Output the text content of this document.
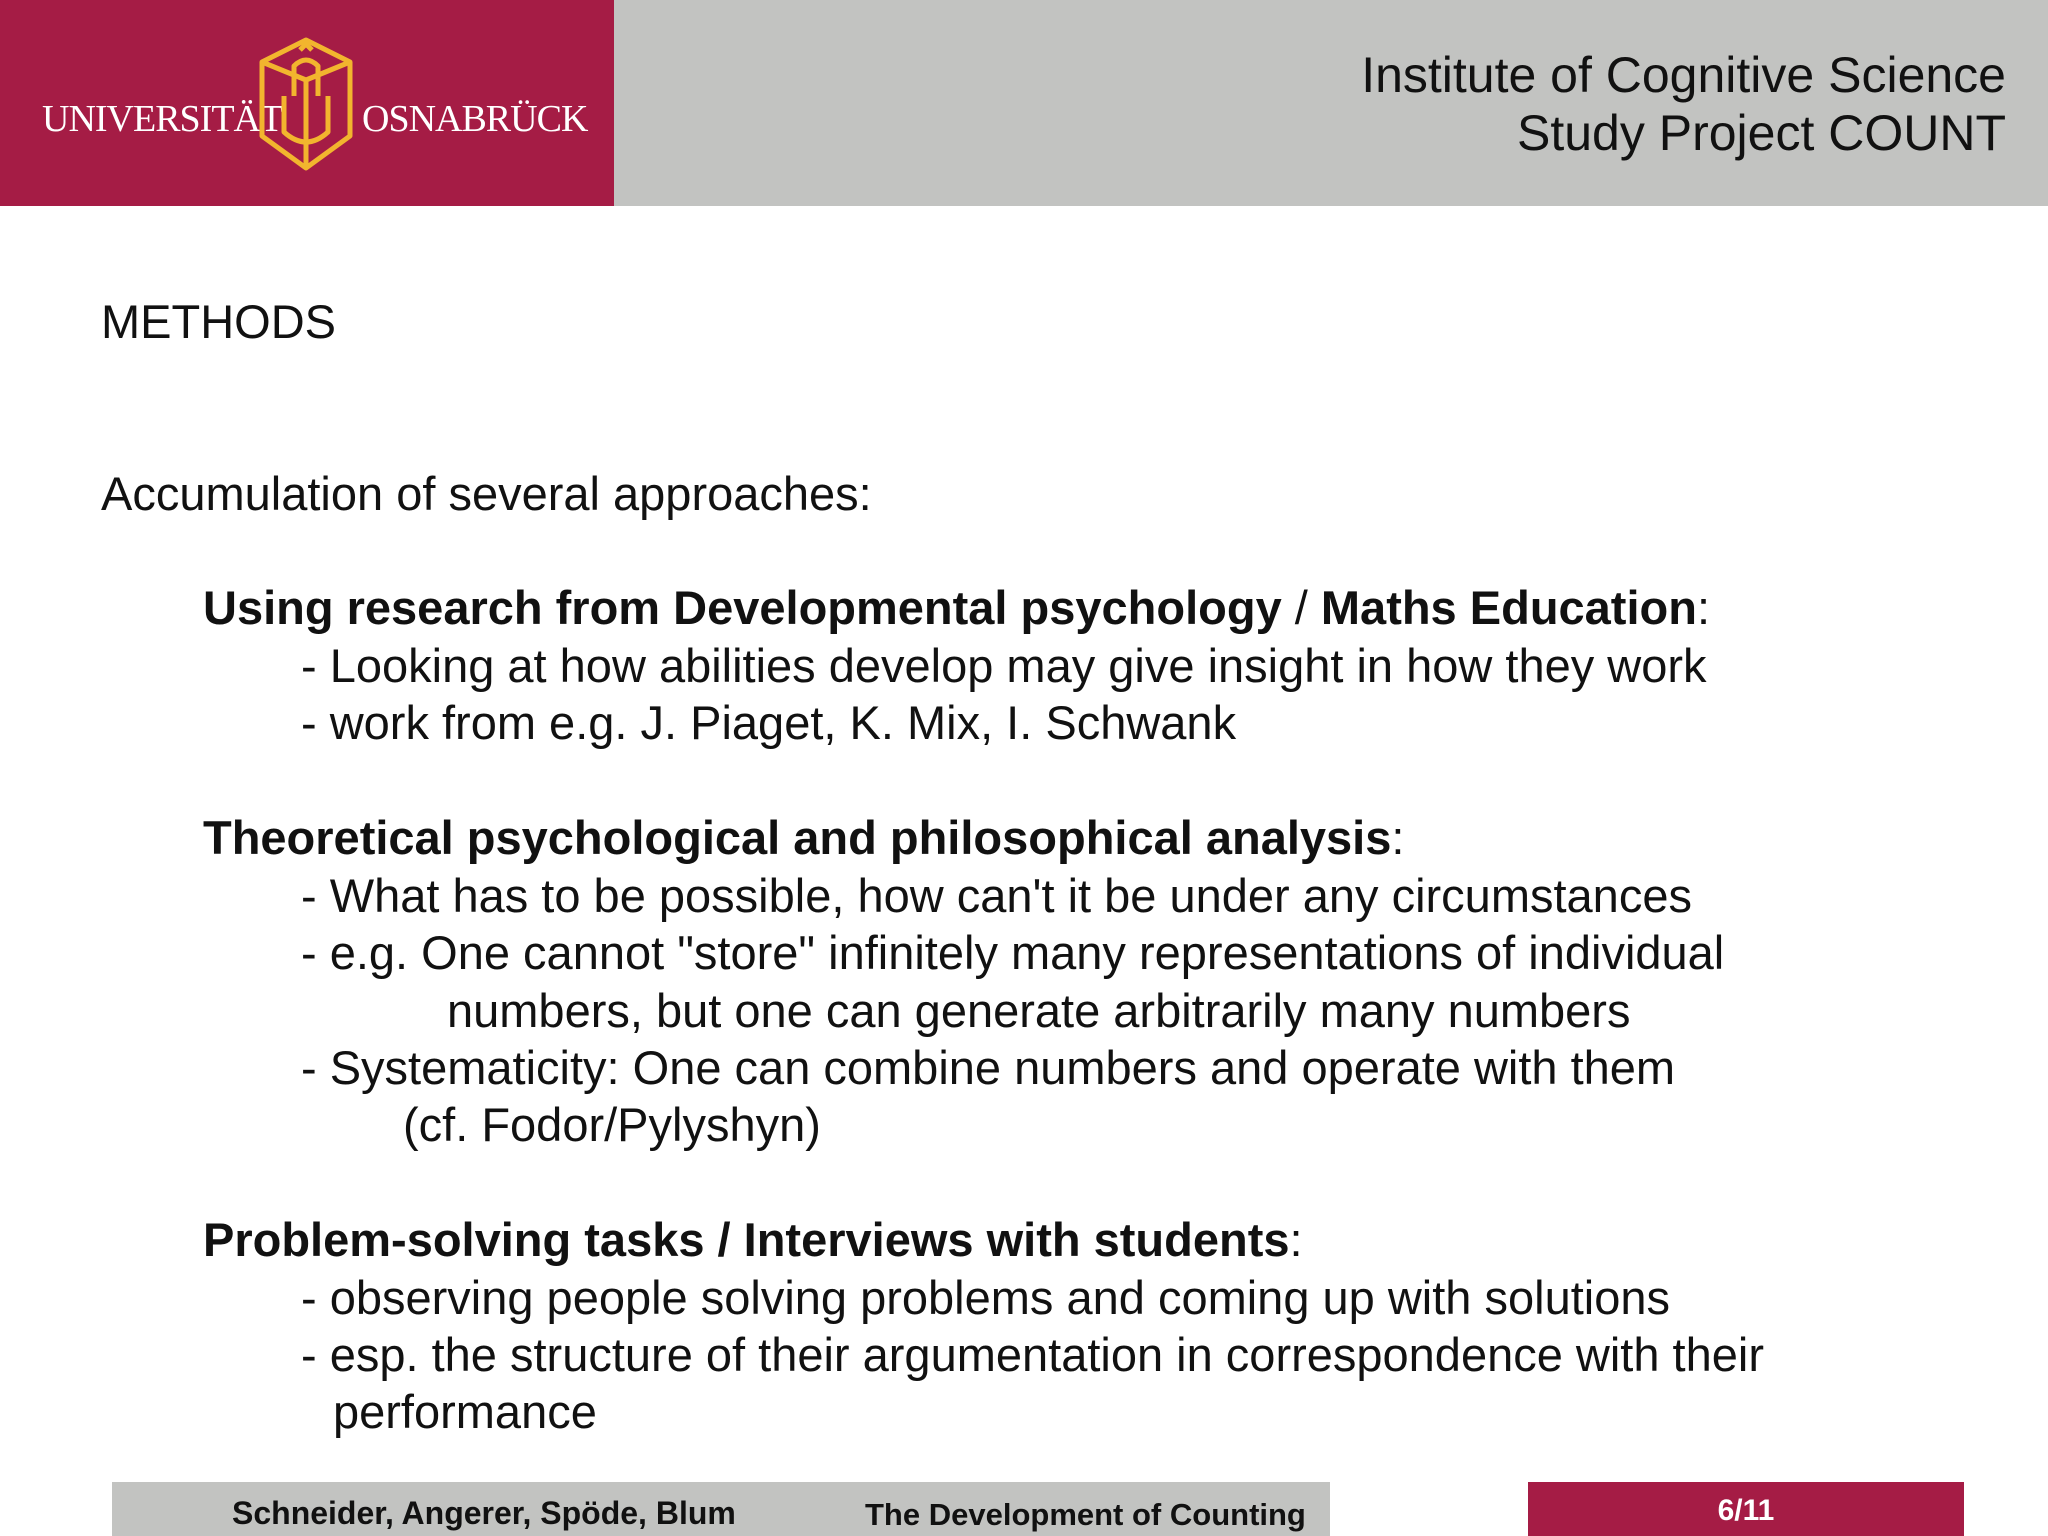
UNIVERSITÄT OSNABRÜCK
Institute of Cognitive Science
Study Project COUNT
METHODS
Accumulation of several approaches:
Using research from Developmental psychology / Maths Education:
- Looking at how abilities develop may give insight in how they work
- work from e.g. J. Piaget, K. Mix, I. Schwank
Theoretical psychological and philosophical analysis:
- What has to be possible, how can't it be under any circumstances
- e.g. One cannot "store" infinitely many representations of individual
numbers, but one can generate arbitrarily many numbers
- Systematicity: One can combine numbers and operate with them
(cf. Fodor/Pylyshyn)
Problem-solving tasks / Interviews with students:
- observing people solving problems and coming up with solutions
- esp. the structure of their argumentation in correspondence with their
performance
Schneider, Angerer, Spöde, Blum	The Development of Counting	6/11
